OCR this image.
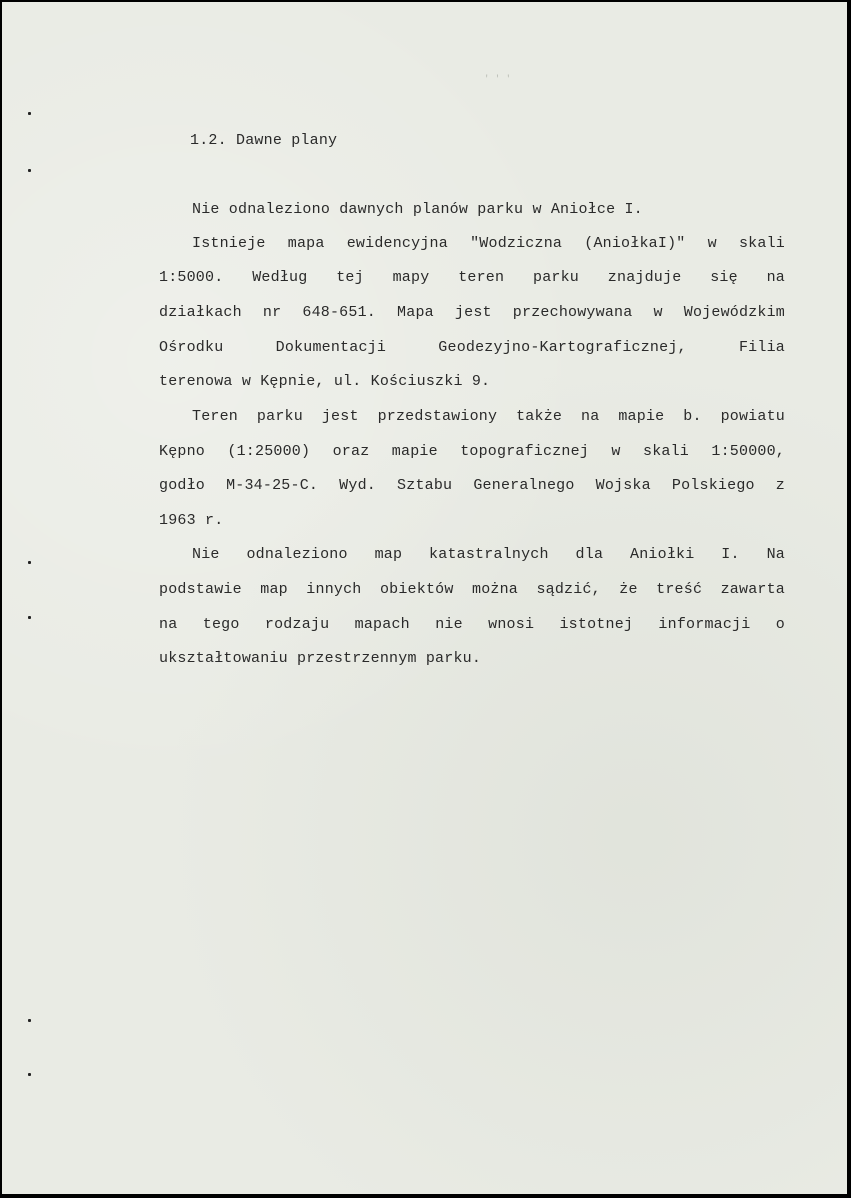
' ' '
1.2. Dawne plany

Nie odnaleziono dawnych planów parku w Aniołce I.

Istnieje mapa ewidencyjna "Wodziczna (AniołkaI)" w skali

1:5000. Według tej mapy teren parku znajduje się na

działkach nr 648-651. Mapa jest przechowywana w Wojewódzkim

Ośrodku Dokumentacji Geodezyjno-Kartograficznej, Filia

terenowa w Kępnie, ul. Kościuszki 9.

Teren parku jest przedstawiony także na mapie b. powiatu

Kępno (1:25000) oraz mapie topograficznej w skali 1:50000,

godło M-34-25-C. Wyd. Sztabu Generalnego Wojska Polskiego z

1963 r.

Nie odnaleziono map katastralnych dla Aniołki I. Na

podstawie map innych obiektów można sądzić, że treść zawarta

na tego rodzaju mapach nie wnosi istotnej informacji o

ukształtowaniu przestrzennym parku.
